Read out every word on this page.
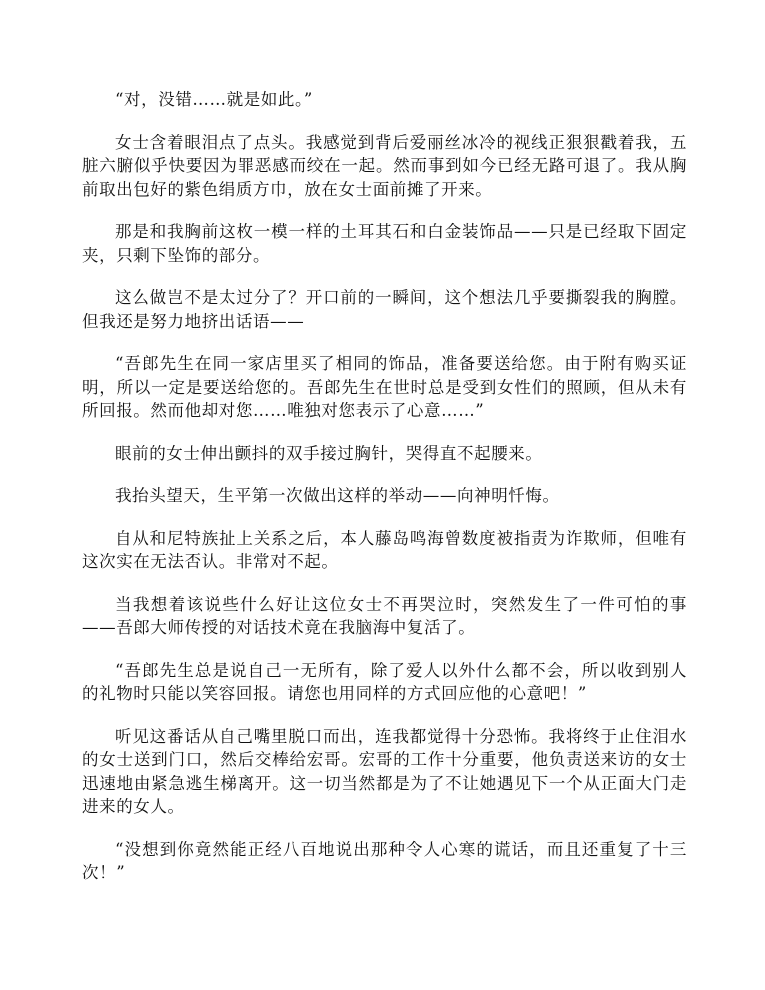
“对，没错……就是如此。”

女士含着眼泪点了点头。我感觉到背后爱丽丝冰冷的视线正狠狠戳着我，五脏六腑似乎快要因为罪恶感而绞在一起。然而事到如今已经无路可退了。我从胸前取出包好的紫色绢质方巾，放在女士面前摊了开来。

那是和我胸前这枚一模一样的土耳其石和白金装饰品——只是已经取下固定夹，只剩下坠饰的部分。

这么做岂不是太过分了？开口前的一瞬间，这个想法几乎要撕裂我的胸膛。但我还是努力地挤出话语——

“吾郎先生在同一家店里买了相同的饰品，准备要送给您。由于附有购买证明，所以一定是要送给您的。吾郎先生在世时总是受到女性们的照顾，但从未有所回报。然而他却对您……唯独对您表示了心意……”

眼前的女士伸出颤抖的双手接过胸针，哭得直不起腰来。

我抬头望天，生平第一次做出这样的举动——向神明忏悔。

自从和尼特族扯上关系之后，本人藤岛鸣海曾数度被指责为诈欺师，但唯有这次实在无法否认。非常对不起。

当我想着该说些什么好让这位女士不再哭泣时，突然发生了一件可怕的事——吾郎大师传授的对话技术竟在我脑海中复活了。

“吾郎先生总是说自己一无所有，除了爱人以外什么都不会，所以收到别人的礼物时只能以笑容回报。请您也用同样的方式回应他的心意吧！”

听见这番话从自己嘴里脱口而出，连我都觉得十分恐怖。我将终于止住泪水的女士送到门口，然后交棒给宏哥。宏哥的工作十分重要，他负责送来访的女士迅速地由紧急逃生梯离开。这一切当然都是为了不让她遇见下一个从正面大门走进来的女人。

“没想到你竟然能正经八百地说出那种令人心寒的谎话，而且还重复了十三次！”
